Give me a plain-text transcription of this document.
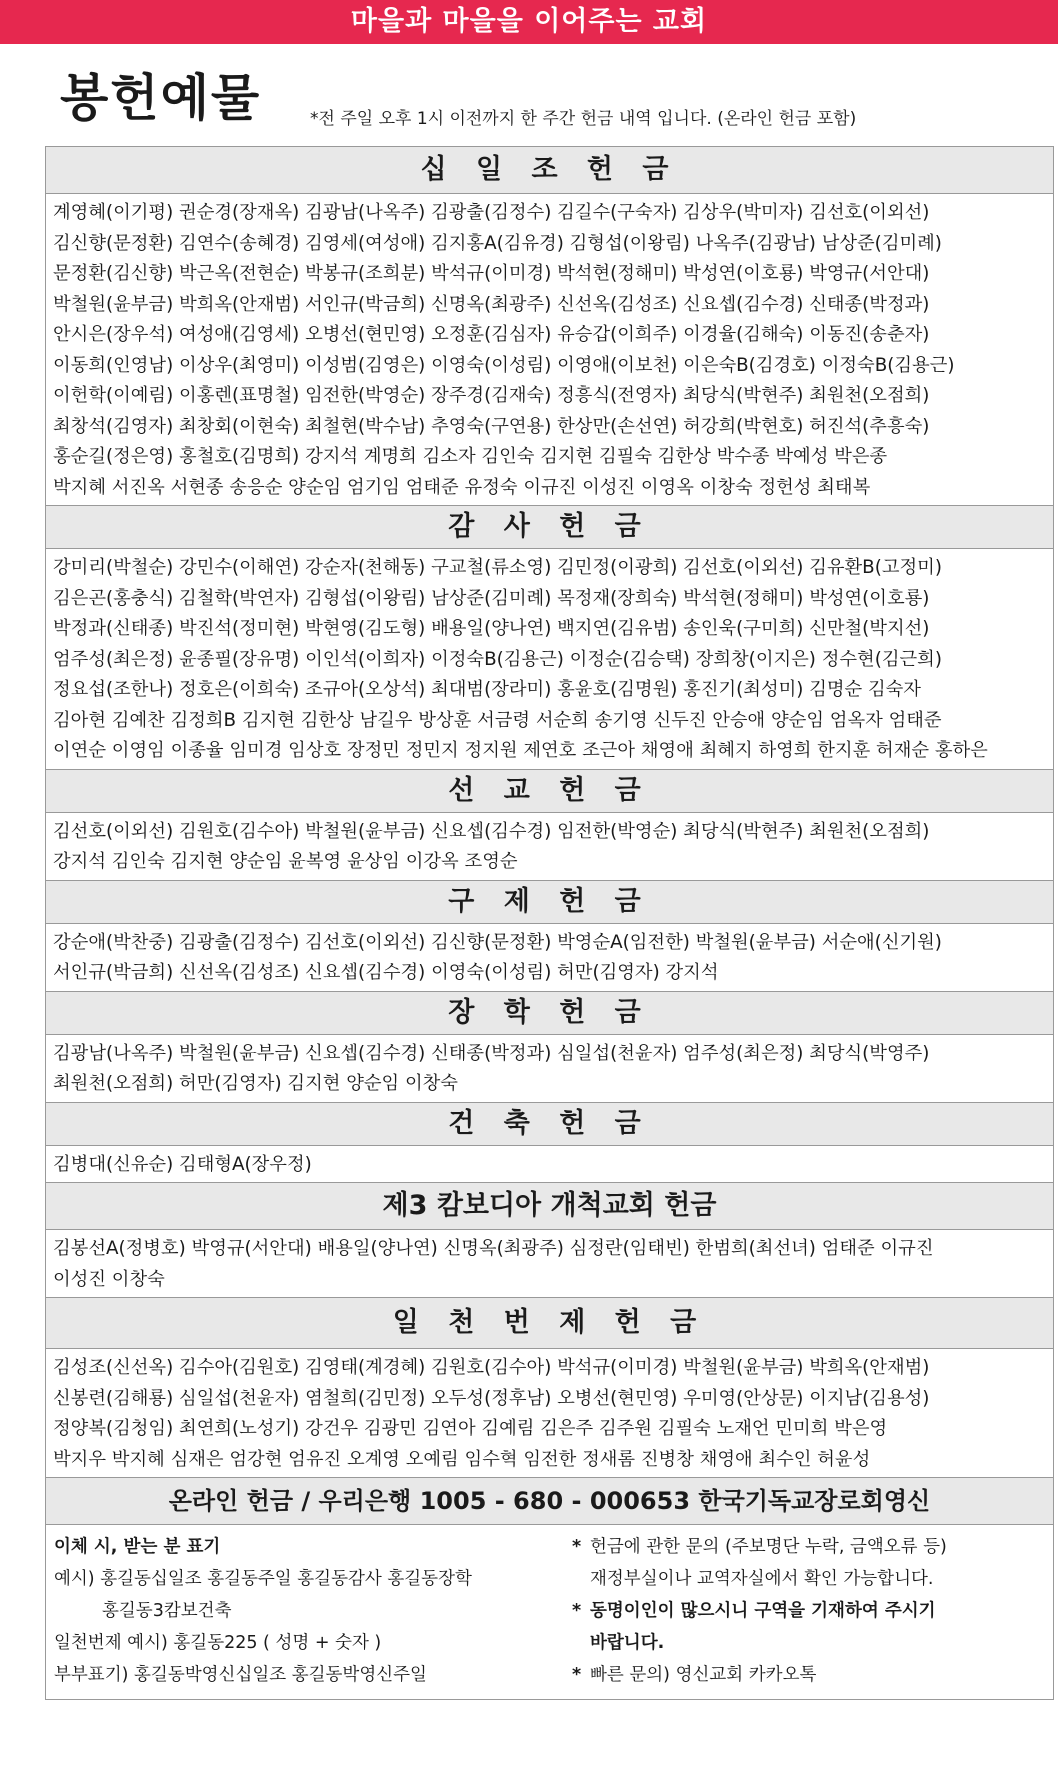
마을과 마을을 이어주는 교회
봉헌예물	*전 주일 오후 1시 이전까지 한 주간 헌금 내역 입니다. (온라인 헌금 포함)
십 일 조 헌 금
계영혜(이기평) 권순경(장재옥) 김광남(나옥주) 김광출(김정수) 김길수(구숙자) 김상우(박미자) 김선호(이외선)
김신향(문정환) 김연수(송혜경) 김영세(여성애) 김지홍A(김유경) 김형섭(이왕림) 나옥주(김광남) 남상준(김미례)
문정환(김신향) 박근옥(전현순) 박봉규(조희분) 박석규(이미경) 박석현(정해미) 박성연(이호룡) 박영규(서안대)
박철원(윤부금) 박희옥(안재범) 서인규(박금희) 신명옥(최광주) 신선옥(김성조) 신요셉(김수경) 신태종(박정과)
안시은(장우석) 여성애(김영세) 오병선(현민영) 오정훈(김심자) 유승갑(이희주) 이경율(김해숙) 이동진(송춘자)
이동희(인영남) 이상우(최영미) 이성범(김영은) 이영숙(이성림) 이영애(이보천) 이은숙B(김경호) 이정숙B(김용근)
이헌학(이예림) 이홍렌(표명철) 임전한(박영순) 장주경(김재숙) 정흥식(전영자) 최당식(박현주) 최원천(오점희)
최창석(김영자) 최창회(이현숙) 최철현(박수남) 추영숙(구연용) 한상만(손선연) 허강희(박현호) 허진석(추흥숙)
홍순길(정은영) 홍철호(김명희) 강지석 계명희 김소자 김인숙 김지현 김필숙 김한상 박수종 박예성 박은종
박지혜 서진옥 서현종 송응순 양순임 엄기임 엄태준 유정숙 이규진 이성진 이영옥 이창숙 정헌성 최태복
감 사 헌 금
강미리(박철순) 강민수(이해연) 강순자(천해동) 구교철(류소영) 김민정(이광희) 김선호(이외선) 김유환B(고정미)
김은곤(홍충식) 김철학(박연자) 김형섭(이왕림) 남상준(김미례) 목정재(장희숙) 박석현(정해미) 박성연(이호룡)
박정과(신태종) 박진석(정미현) 박현영(김도형) 배용일(양나연) 백지연(김유범) 송인욱(구미희) 신만철(박지선)
엄주성(최은정) 윤종필(장유명) 이인석(이희자) 이정숙B(김용근) 이정순(김승택) 장희창(이지은) 정수현(김근희)
정요섭(조한나) 정호은(이희숙) 조규아(오상석) 최대범(장라미) 홍윤호(김명원) 홍진기(최성미) 김명순 김숙자
김아현 김예찬 김정희B 김지현 김한상 남길우 방상훈 서금령 서순희 송기영 신두진 안승애 양순임 엄옥자 엄태준
이연순 이영임 이종율 임미경 임상호 장정민 정민지 정지원 제연호 조근아 채영애 최혜지 하영희 한지훈 허재순 홍하은
선 교 헌 금
김선호(이외선) 김원호(김수아) 박철원(윤부금) 신요셉(김수경) 임전한(박영순) 최당식(박현주) 최원천(오점희)
강지석 김인숙 김지현 양순임 윤복영 윤상임 이강옥 조영순
구 제 헌 금
강순애(박찬중) 김광출(김정수) 김선호(이외선) 김신향(문정환) 박영순A(임전한) 박철원(윤부금) 서순애(신기원)
서인규(박금희) 신선옥(김성조) 신요셉(김수경) 이영숙(이성림) 허만(김영자) 강지석
장 학 헌 금
김광남(나옥주) 박철원(윤부금) 신요셉(김수경) 신태종(박정과) 심일섭(천윤자) 엄주성(최은정) 최당식(박영주)
최원천(오점희) 허만(김영자) 김지현 양순임 이창숙
건 축 헌 금
김병대(신유순) 김태형A(장우정)
제3 캄보디아 개척교회 헌금
김봉선A(정병호) 박영규(서안대) 배용일(양나연) 신명옥(최광주) 심정란(임태빈) 한범희(최선녀) 엄태준 이규진
이성진 이창숙
일 천 번 제 헌 금
김성조(신선옥) 김수아(김원호) 김영태(계경혜) 김원호(김수아) 박석규(이미경) 박철원(윤부금) 박희옥(안재범)
신봉련(김해룡) 심일섭(천윤자) 염철희(김민정) 오두성(정후남) 오병선(현민영) 우미영(안상문) 이지남(김용성)
정양복(김청임) 최연희(노성기) 강건우 김광민 김연아 김예림 김은주 김주원 김필숙 노재언 민미희 박은영
박지우 박지혜 심재은 엄강현 엄유진 오계영 오예림 임수혁 임전한 정새롬 진병창 채영애 최수인 허윤성
온라인 헌금 / 우리은행 1005 - 680 - 000653 한국기독교장로회영신
이체 시, 받는 분 표기
예시) 홍길동십일조 홍길동주일 홍길동감사 홍길동장학
홍길동3캄보건축
일천번제 예시) 홍길동225 ( 성명 + 숫자 )
부부표기) 홍길동박영신십일조 홍길동박영신주일
* 헌금에 관한 문의 (주보명단 누락, 금액오류 등)
재정부실이나 교역자실에서 확인 가능합니다.
* 동명이인이 많으시니 구역을 기재하여 주시기
바랍니다.
* 빠른 문의) 영신교회 카카오톡
